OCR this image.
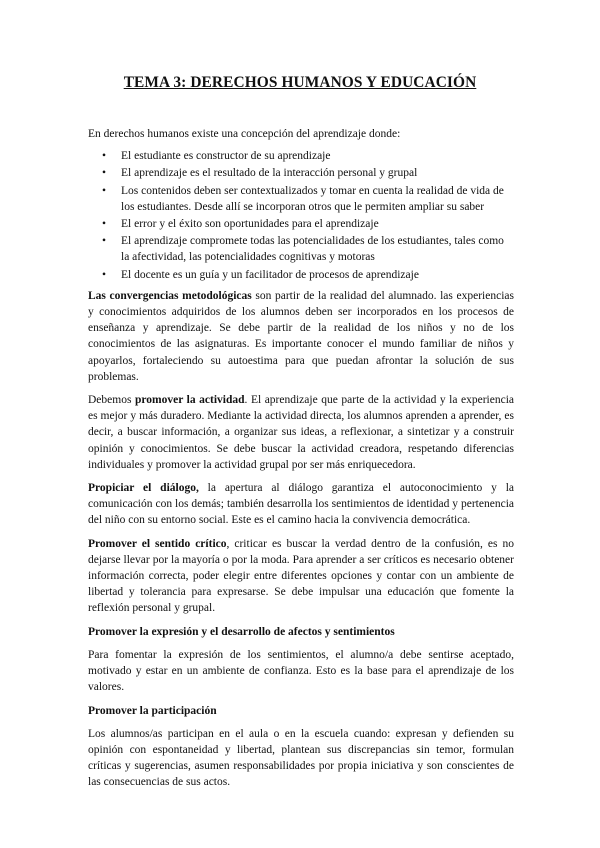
TEMA 3: DERECHOS HUMANOS Y EDUCACIÓN

En derechos humanos existe una concepción del aprendizaje donde:

• El estudiante es constructor de su aprendizaje
• El aprendizaje es el resultado de la interacción personal y grupal
• Los contenidos deben ser contextualizados y tomar en cuenta la realidad de vida de los estudiantes. Desde allí se incorporan otros que le permiten ampliar su saber
• El error y el éxito son oportunidades para el aprendizaje
• El aprendizaje compromete todas las potencialidades de los estudiantes, tales como la afectividad, las potencialidades cognitivas y motoras
• El docente es un guía y un facilitador de procesos de aprendizaje

Las convergencias metodológicas son partir de la realidad del alumnado. las experiencias y conocimientos adquiridos de los alumnos deben ser incorporados en los procesos de enseñanza y aprendizaje. Se debe partir de la realidad de los niños y no de los conocimientos de las asignaturas. Es importante conocer el mundo familiar de niños y apoyarlos, fortaleciendo su autoestima para que puedan afrontar la solución de sus problemas.

Debemos promover la actividad. El aprendizaje que parte de la actividad y la experiencia es mejor y más duradero. Mediante la actividad directa, los alumnos aprenden a aprender, es decir, a buscar información, a organizar sus ideas, a reflexionar, a sintetizar y a construir opinión y conocimientos. Se debe buscar la actividad creadora, respetando diferencias individuales y promover la actividad grupal por ser más enriquecedora.

Propiciar el diálogo, la apertura al diálogo garantiza el autoconocimiento y la comunicación con los demás; también desarrolla los sentimientos de identidad y pertenencia del niño con su entorno social. Este es el camino hacia la convivencia democrática.

Promover el sentido crítico, criticar es buscar la verdad dentro de la confusión, es no dejarse llevar por la mayoría o por la moda. Para aprender a ser críticos es necesario obtener información correcta, poder elegir entre diferentes opciones y contar con un ambiente de libertad y tolerancia para expresarse. Se debe impulsar una educación que fomente la reflexión personal y grupal.

Promover la expresión y el desarrollo de afectos y sentimientos

Para fomentar la expresión de los sentimientos, el alumno/a debe sentirse aceptado, motivado y estar en un ambiente de confianza. Esto es la base para el aprendizaje de los valores.

Promover la participación

Los alumnos/as participan en el aula o en la escuela cuando: expresan y defienden su opinión con espontaneidad y libertad, plantean sus discrepancias sin temor, formulan críticas y sugerencias, asumen responsabilidades por propia iniciativa y son conscientes de las consecuencias de sus actos.
